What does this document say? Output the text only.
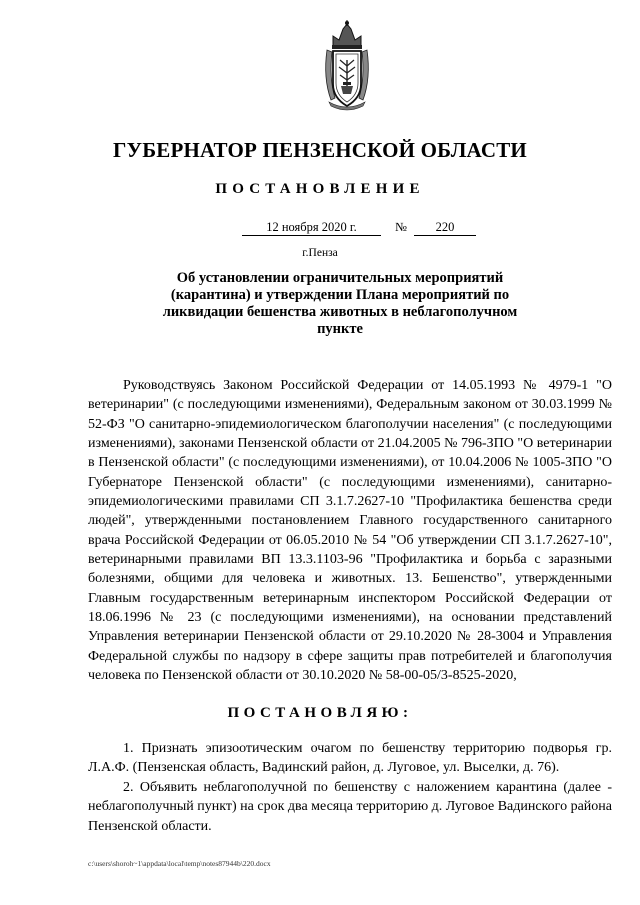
ГУБЕРНАТОР ПЕНЗЕНСКОЙ ОБЛАСТИ
ПОСТАНОВЛЕНИЕ
12 ноября 2020 г.	№	220
г.Пенза
Об установлении ограничительных мероприятий (карантина) и утверждении Плана мероприятий по ликвидации бешенства животных в неблагополучном пункте

Руководствуясь Законом Российской Федерации от 14.05.1993 № 4979-1 "О ветеринарии" (с последующими изменениями), Федеральным законом от 30.03.1999 № 52-ФЗ "О санитарно-эпидемиологическом благополучии населения" (с последующими изменениями), законами Пензенской области от 21.04.2005 № 796-ЗПО "О ветеринарии в Пензенской области" (с последующими изменениями), от 10.04.2006 № 1005-ЗПО "О Губернаторе Пензенской области" (с последующими изменениями), санитарно-эпидемиологическими правилами СП 3.1.7.2627-10 "Профилактика бешенства среди людей", утвержденными постановлением Главного государственного санитарного врача Российской Федерации от 06.05.2010 № 54 "Об утверждении СП 3.1.7.2627-10", ветеринарными правилами ВП 13.3.1103-96 "Профилактика и борьба с заразными болезнями, общими для человека и животных. 13. Бешенство", утвержденными Главным государственным ветеринарным инспектором Российской Федерации от 18.06.1996 № 23 (с последующими изменениями), на основании представлений Управления ветеринарии Пензенской области от 29.10.2020 № 28-3004 и Управления Федеральной службы по надзору в сфере защиты прав потребителей и благополучия человека по Пензенской области от 30.10.2020 № 58-00-05/3-8525-2020,

ПОСТАНОВЛЯЮ:

1. Признать эпизоотическим очагом по бешенству территорию подворья гр. Л.А.Ф. (Пензенская область, Вадинский район, д. Луговое, ул. Выселки, д. 76).

2. Объявить неблагополучной по бешенству с наложением карантина (далее - неблагополучный пункт) на срок два месяца территорию д. Луговое Вадинского района Пензенской области.

c:\users\shoroh~1\appdata\local\temp\notes87944b\220.docx
